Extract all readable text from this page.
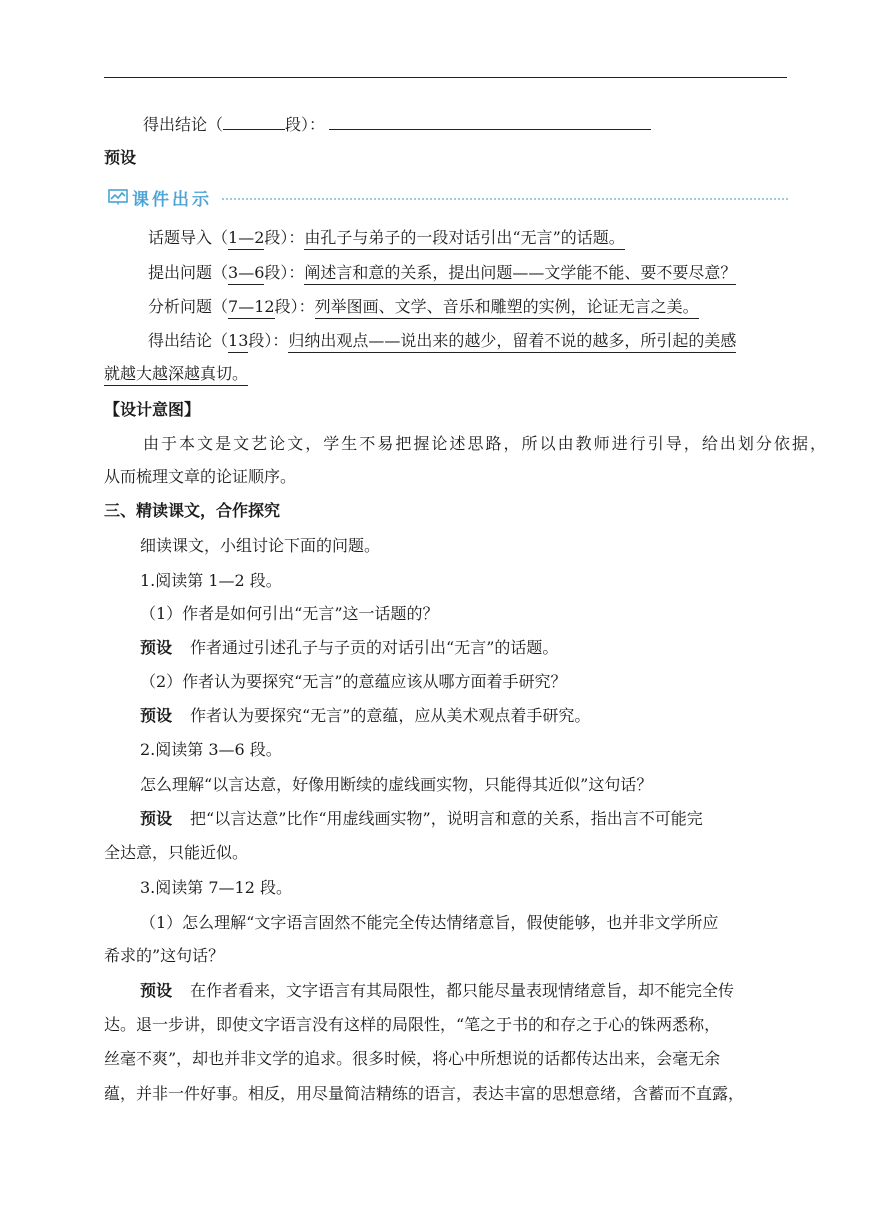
得出结论（	段）：
预设
课件出示
话题导入（1—2段）：由孔子与弟子的一段对话引出“无言”的话题。
提出问题（3—6段）：阐述言和意的关系，提出问题——文学能不能、要不要尽意？
分析问题（7—12段）：列举图画、文学、音乐和雕塑的实例，论证无言之美。
得出结论（13段）：归纳出观点——说出来的越少，留着不说的越多，所引起的美感
就越大越深越真切。
【设计意图】
由于本文是文艺论文，学生不易把握论述思路，所以由教师进行引导，给出划分依据，
从而梳理文章的论证顺序。
三、精读课文，合作探究
细读课文，小组讨论下面的问题。
1.阅读第 1—2 段。
（1）作者是如何引出“无言”这一话题的？
预设 作者通过引述孔子与子贡的对话引出“无言”的话题。
（2）作者认为要探究“无言”的意蕴应该从哪方面着手研究？
预设 作者认为要探究“无言”的意蕴，应从美术观点着手研究。
2.阅读第 3—6 段。
怎么理解“以言达意，好像用断续的虚线画实物，只能得其近似”这句话？
预设 把“以言达意”比作“用虚线画实物”，说明言和意的关系，指出言不可能完
全达意，只能近似。
3.阅读第 7—12 段。
（1）怎么理解“文字语言固然不能完全传达情绪意旨，假使能够，也并非文学所应
希求的”这句话？
预设 在作者看来，文字语言有其局限性，都只能尽量表现情绪意旨，却不能完全传
达。退一步讲，即使文字语言没有这样的局限性，“笔之于书的和存之于心的铢两悉称，
丝毫不爽”，却也并非文学的追求。很多时候，将心中所想说的话都传达出来，会毫无余
蕴，并非一件好事。相反，用尽量简洁精练的语言，表达丰富的思想意绪，含蓄而不直露，
